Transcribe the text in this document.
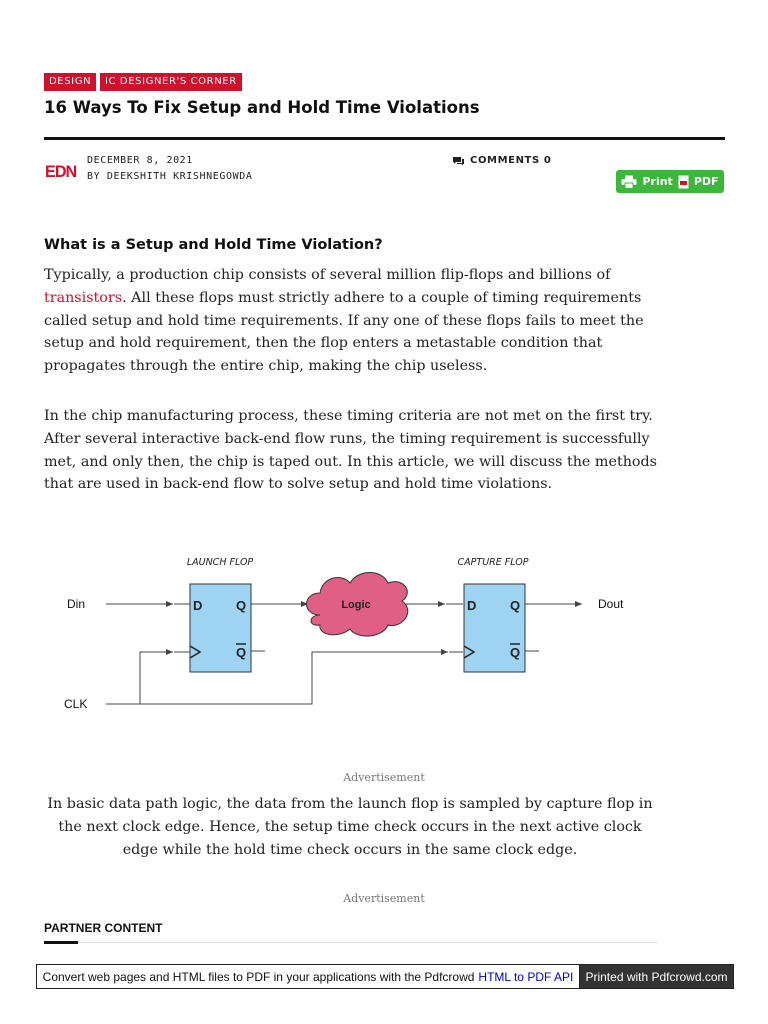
DESIGN	IC DESIGNER'S CORNER
16 Ways To Fix Setup and Hold Time Violations
EDN
DECEMBER 8, 2021
BY DEEKSHITH KRISHNEGOWDA
COMMENTS 0
Print PDF
What is a Setup and Hold Time Violation?
Typically, a production chip consists of several million flip-flops and billions of transistors. All these flops must strictly adhere to a couple of timing requirements called setup and hold time requirements. If any one of these flops fails to meet the setup and hold requirement, then the flop enters a metastable condition that propagates through the entire chip, making the chip useless.
In the chip manufacturing process, these timing criteria are not met on the first try. After several interactive back-end flow runs, the timing requirement is successfully met, and only then, the chip is taped out. In this article, we will discuss the methods that are used in back-end flow to solve setup and hold time violations.
LAUNCH FLOP	CAPTURE FLOP
Din	Dout
CLK
D	Q
Q
Logic	D	Q
Q
Advertisement
In basic data path logic, the data from the launch flop is sampled by capture flop in the next clock edge. Hence, the setup time check occurs in the next active clock edge while the hold time check occurs in the same clock edge.
Advertisement
PARTNER CONTENT
Convert web pages and HTML files to PDF in your applications with the Pdfcrowd HTML to PDF API	Printed with Pdfcrowd.com
